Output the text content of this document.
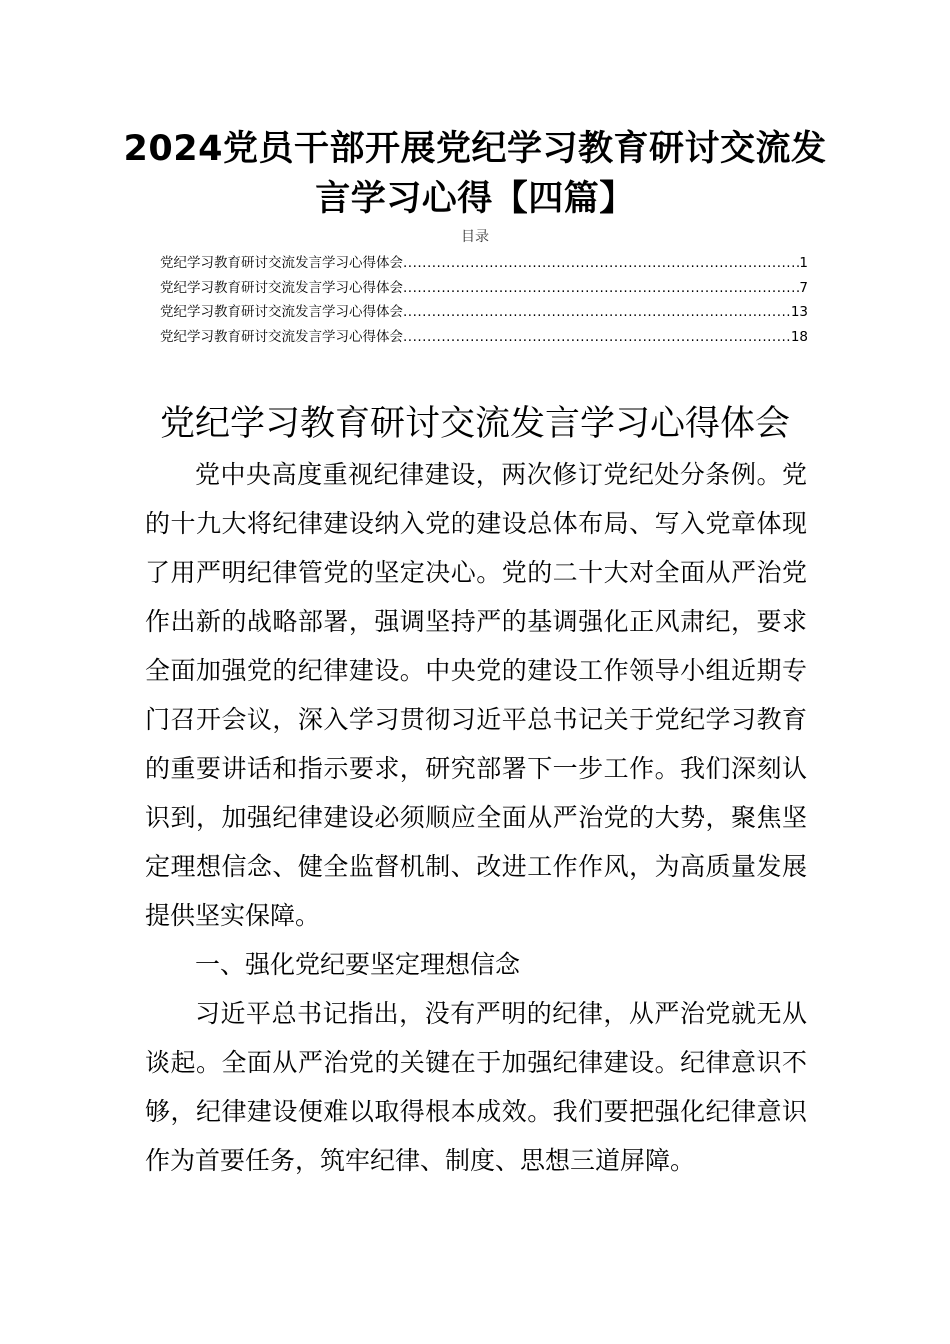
2024党员干部开展党纪学习教育研讨交流发言学习心得【四篇】
目录
党纪学习教育研讨交流发言学习心得体会 .....	1
党纪学习教育研讨交流发言学习心得体会 .....	7
党纪学习教育研讨交流发言学习心得体会 .....	13
党纪学习教育研讨交流发言学习心得体会 .....	18
党纪学习教育研讨交流发言学习心得体会

党中央高度重视纪律建设，两次修订党纪处分条例。党的十九大将纪律建设纳入党的建设总体布局、写入党章体现了用严明纪律管党的坚定决心。党的二十大对全面从严治党作出新的战略部署，强调坚持严的基调强化正风肃纪，要求全面加强党的纪律建设。中央党的建设工作领导小组近期专门召开会议，深入学习贯彻习近平总书记关于党纪学习教育的重要讲话和指示要求，研究部署下一步工作。我们深刻认识到，加强纪律建设必须顺应全面从严治党的大势，聚焦坚定理想信念、健全监督机制、改进工作作风，为高质量发展提供坚实保障。

一、强化党纪要坚定理想信念

习近平总书记指出，没有严明的纪律，从严治党就无从谈起。全面从严治党的关键在于加强纪律建设。纪律意识不够，纪律建设便难以取得根本成效。我们要把强化纪律意识作为首要任务，筑牢纪律、制度、思想三道屏障。
